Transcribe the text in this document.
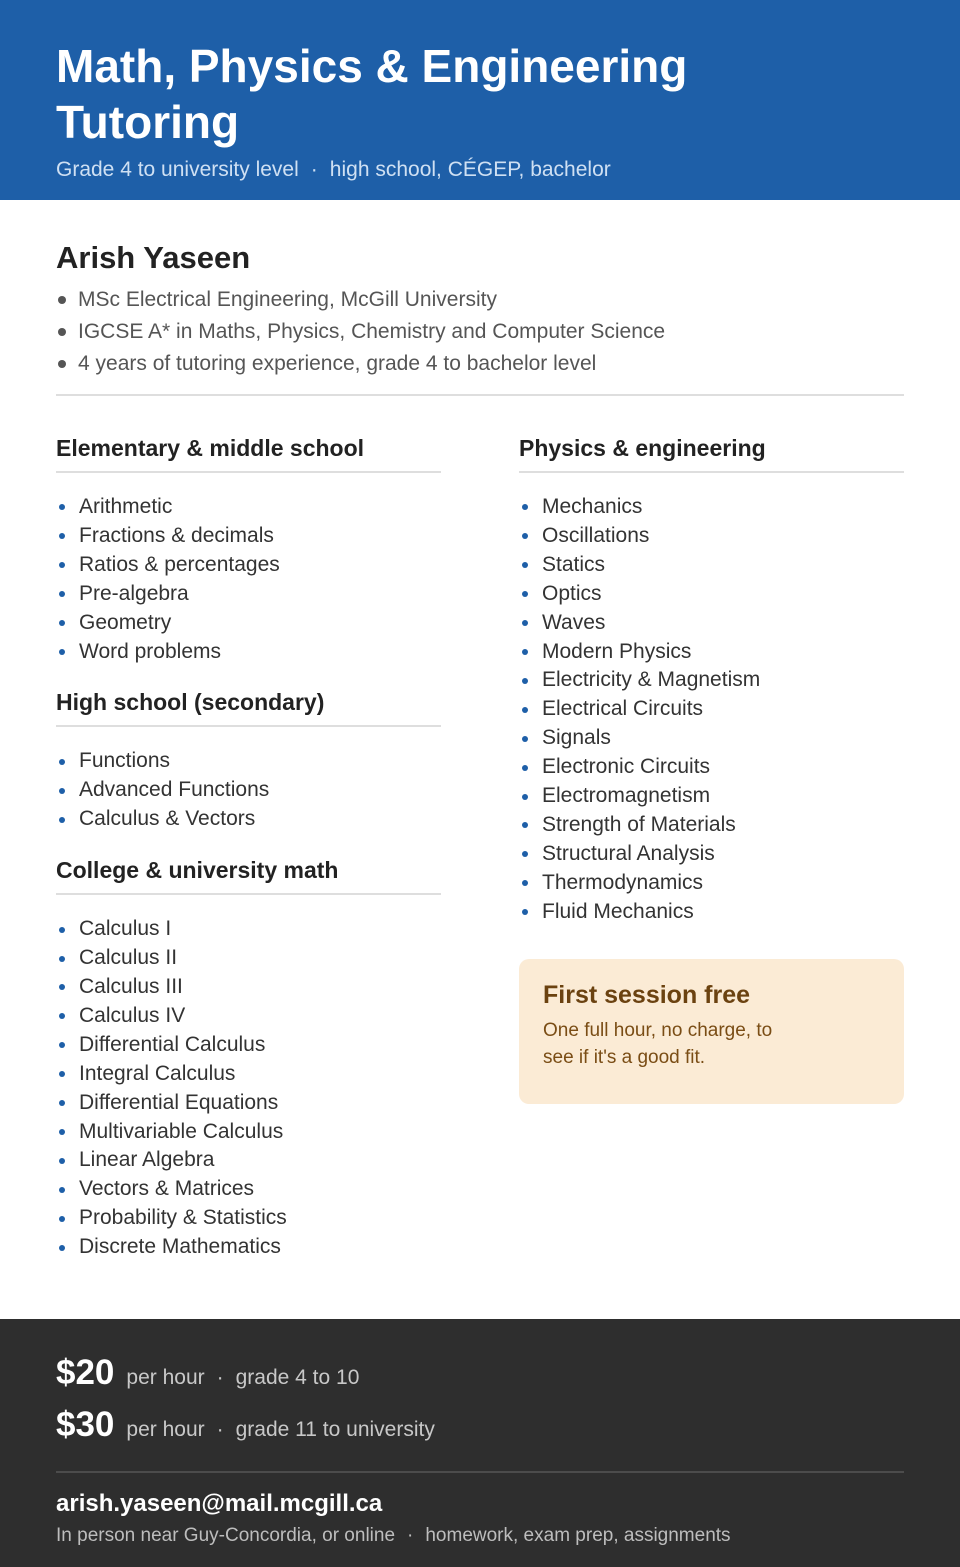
Math, Physics & Engineering Tutoring
Grade 4 to university level · high school, CÉGEP, bachelor
Arish Yaseen
MSc Electrical Engineering, McGill University
IGCSE A* in Maths, Physics, Chemistry and Computer Science
4 years of tutoring experience, grade 4 to bachelor level
Elementary & middle school
Arithmetic
Fractions & decimals
Ratios & percentages
Pre-algebra
Geometry
Word problems
High school (secondary)
Functions
Advanced Functions
Calculus & Vectors
College & university math
Calculus I
Calculus II
Calculus III
Calculus IV
Differential Calculus
Integral Calculus
Differential Equations
Multivariable Calculus
Linear Algebra
Vectors & Matrices
Probability & Statistics
Discrete Mathematics
Physics & engineering
Mechanics
Oscillations
Statics
Optics
Waves
Modern Physics
Electricity & Magnetism
Electrical Circuits
Signals
Electronic Circuits
Electromagnetism
Strength of Materials
Structural Analysis
Thermodynamics
Fluid Mechanics
First session free
One full hour, no charge, to see if it's a good fit.
$20 per hour · grade 4 to 10
$30 per hour · grade 11 to university
arish.yaseen@mail.mcgill.ca
In person near Guy-Concordia, or online · homework, exam prep, assignments
